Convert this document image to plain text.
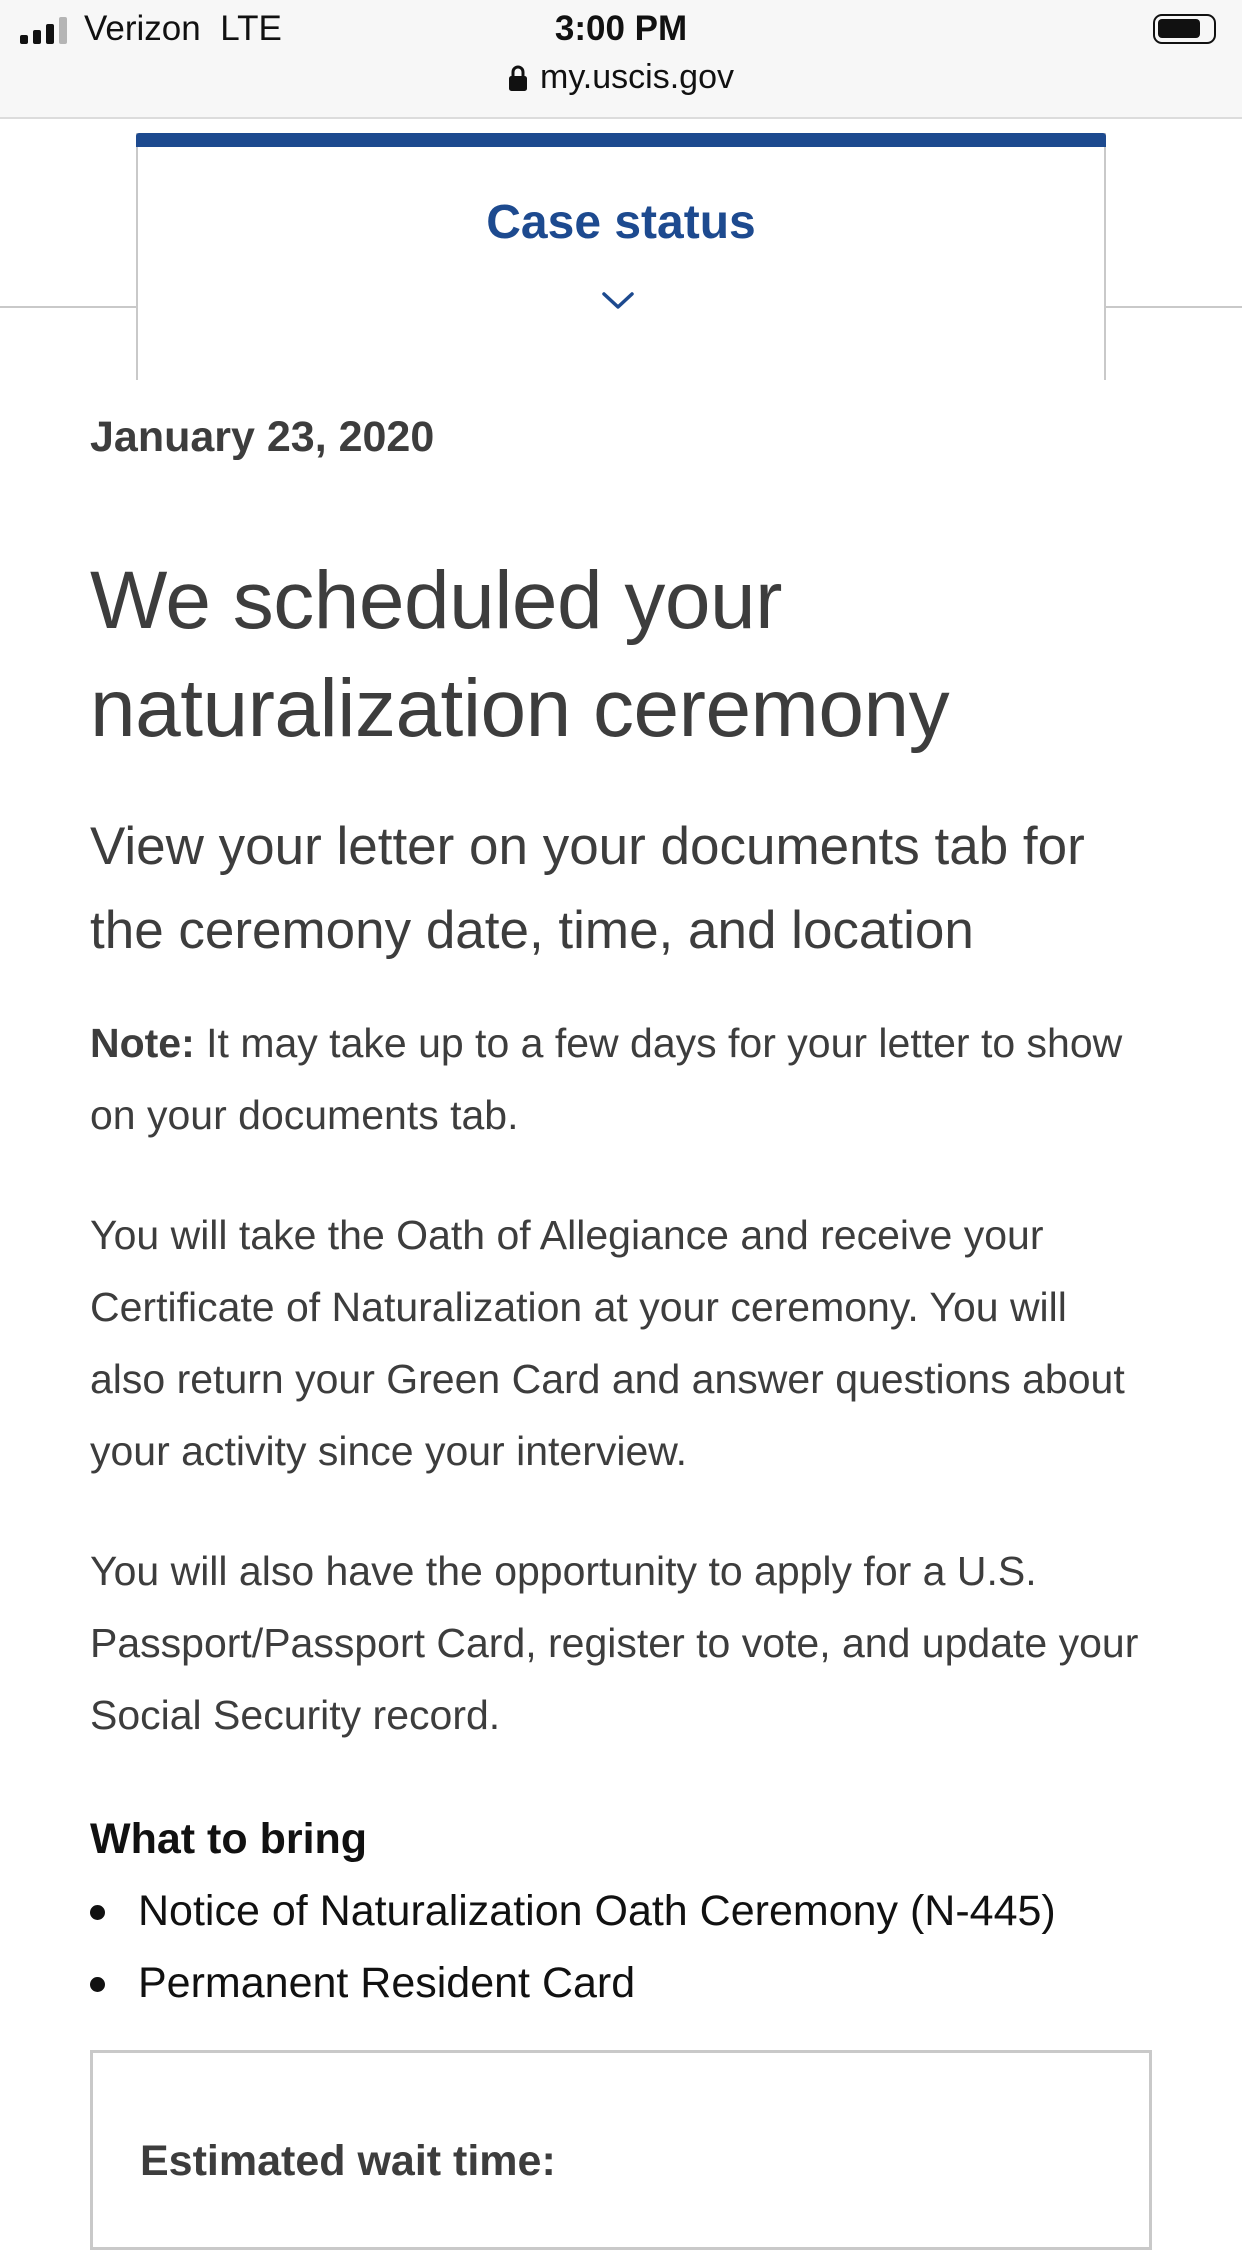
Verizon LTE	3:00 PM
my.uscis.gov
Case status

January 23, 2020

We scheduled your naturalization ceremony
View your letter on your documents tab for the ceremony date, time, and location

Note: It may take up to a few days for your letter to show on your documents tab.

You will take the Oath of Allegiance and receive your Certificate of Naturalization at your ceremony. You will also return your Green Card and answer questions about your activity since your interview.

You will also have the opportunity to apply for a U.S. Passport/Passport Card, register to vote, and update your Social Security record.

What to bring
Notice of Naturalization Oath Ceremony (N-445)
Permanent Resident Card
Estimated wait time:
